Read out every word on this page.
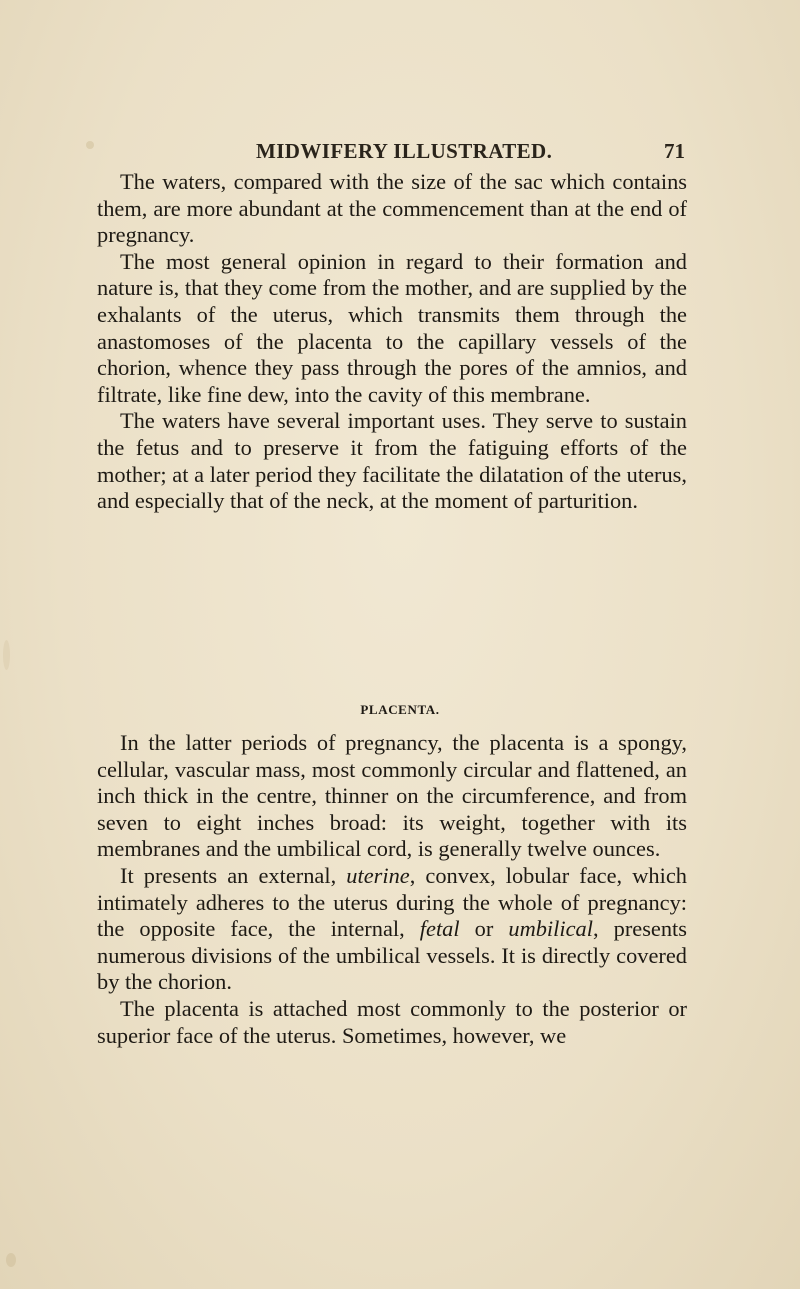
MIDWIFERY ILLUSTRATED.	71

The waters, compared with the size of the sac which contains them, are more abundant at the commencement than at the end of pregnancy.

The most general opinion in regard to their formation and nature is, that they come from the mother, and are supplied by the exhalants of the uterus, which transmits them through the anastomoses of the placenta to the capillary vessels of the chorion, whence they pass through the pores of the amnios, and filtrate, like fine dew, into the cavity of this membrane.

The waters have several important uses. They serve to sustain the fetus and to preserve it from the fatiguing efforts of the mother; at a later period they facilitate the dilatation of the uterus, and especially that of the neck, at the moment of parturition.

PLACENTA.

In the latter periods of pregnancy, the placenta is a spongy, cellular, vascular mass, most commonly circular and flattened, an inch thick in the centre, thinner on the circumference, and from seven to eight inches broad: its weight, together with its membranes and the umbilical cord, is generally twelve ounces.

It presents an external, uterine, convex, lobular face, which intimately adheres to the uterus during the whole of pregnancy: the opposite face, the internal, fetal or umbilical, presents numerous divisions of the umbilical vessels. It is directly covered by the chorion.

The placenta is attached most commonly to the posterior or superior face of the uterus. Sometimes, however, we
